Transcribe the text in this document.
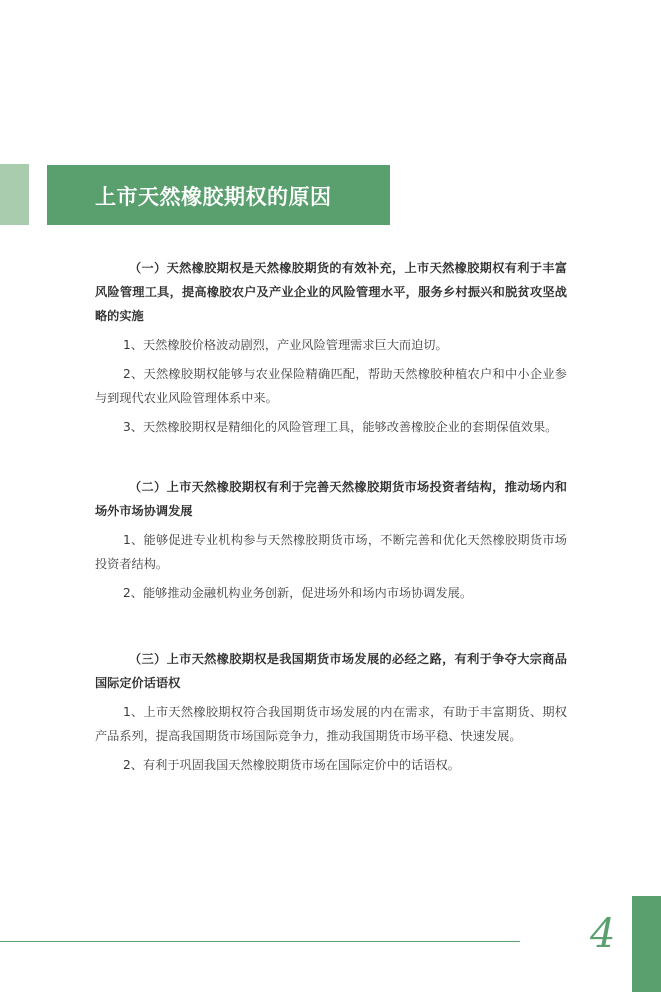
上市天然橡胶期权的原因

（一）天然橡胶期权是天然橡胶期货的有效补充，上市天然橡胶期权有利于丰富风险管理工具，提高橡胶农户及产业企业的风险管理水平，服务乡村振兴和脱贫攻坚战略的实施

1、天然橡胶价格波动剧烈，产业风险管理需求巨大而迫切。

2、天然橡胶期权能够与农业保险精确匹配，帮助天然橡胶种植农户和中小企业参与到现代农业风险管理体系中来。

3、天然橡胶期权是精细化的风险管理工具，能够改善橡胶企业的套期保值效果。

（二）上市天然橡胶期权有利于完善天然橡胶期货市场投资者结构，推动场内和场外市场协调发展

1、能够促进专业机构参与天然橡胶期货市场，不断完善和优化天然橡胶期货市场投资者结构。

2、能够推动金融机构业务创新，促进场外和场内市场协调发展。

（三）上市天然橡胶期权是我国期货市场发展的必经之路，有利于争夺大宗商品国际定价话语权

1、上市天然橡胶期权符合我国期货市场发展的内在需求，有助于丰富期货、期权产品系列，提高我国期货市场国际竞争力，推动我国期货市场平稳、快速发展。

2、有利于巩固我国天然橡胶期货市场在国际定价中的话语权。

4
